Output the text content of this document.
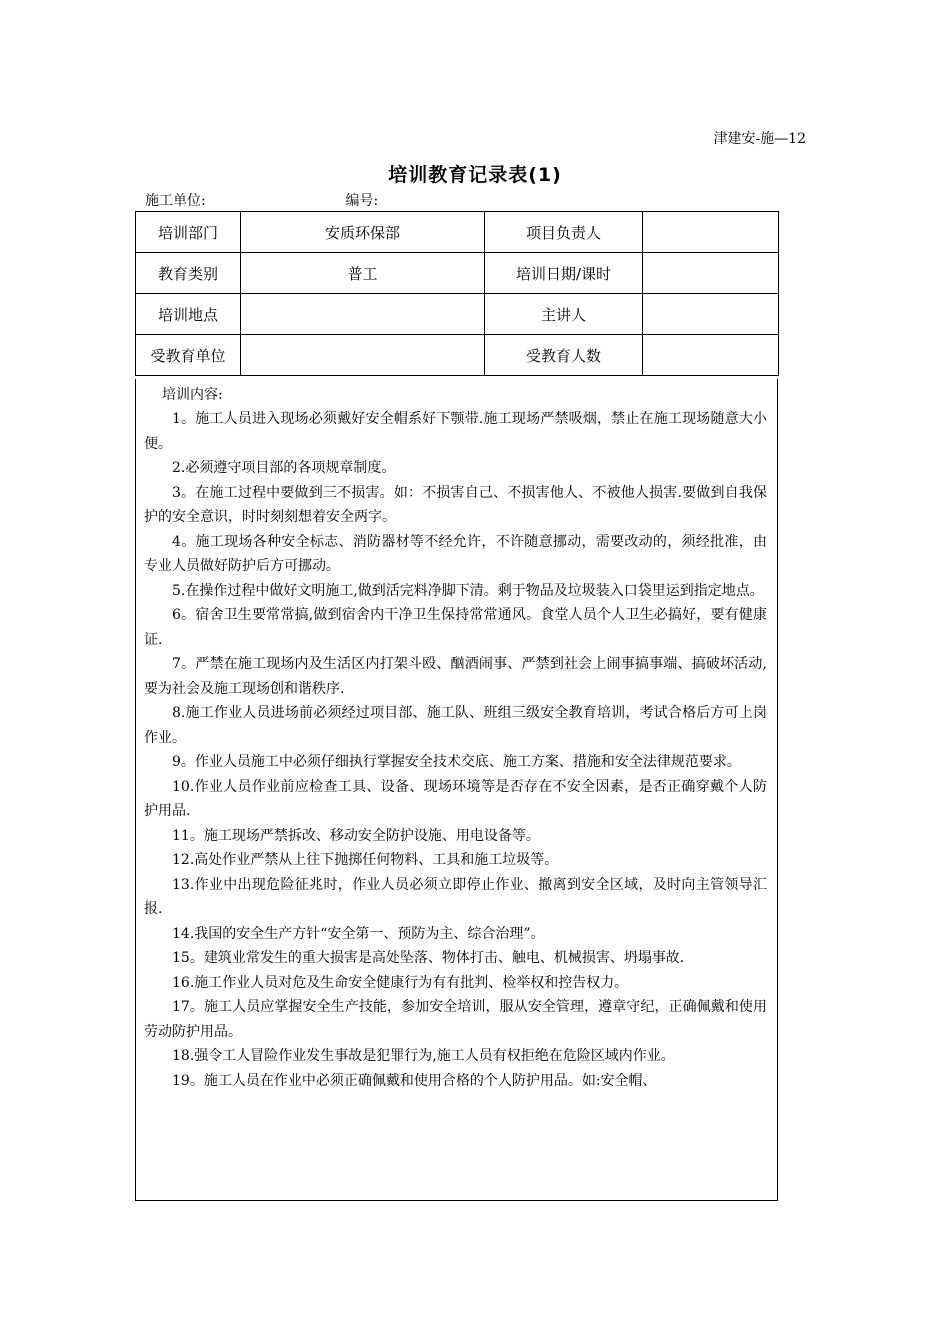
津建安-施—12
培训教育记录表(1)
施工单位:	编号:
培训部门	安质环保部	项目负责人	
教育类别	普工	培训日期/课时	
培训地点		主讲人	
受教育单位		受教育人数	
培训内容:

1。施工人员进入现场必须戴好安全帽系好下颚带.施工现场严禁吸烟，禁止在施工现场随意大小便。

2.必须遵守项目部的各项规章制度。

3。在施工过程中要做到三不损害。如：不损害自己、不损害他人、不被他人损害.要做到自我保护的安全意识，时时刻刻想着安全两字。

4。施工现场各种安全标志、消防器材等不经允许，不许随意挪动，需要改动的，须经批准，由专业人员做好防护后方可挪动。

5.在操作过程中做好文明施工,做到活完料净脚下清。剩于物品及垃圾装入口袋里运到指定地点。

6。宿舍卫生要常常搞,做到宿舍内干净卫生保持常常通风。食堂人员个人卫生必搞好，要有健康证.

7。严禁在施工现场内及生活区内打架斗殴、酗酒闹事、严禁到社会上闹事搞事端、搞破坏活动,要为社会及施工现场创和谐秩序.

8.施工作业人员进场前必须经过项目部、施工队、班组三级安全教育培训，考试合格后方可上岗作业。

9。作业人员施工中必须仔细执行掌握安全技术交底、施工方案、措施和安全法律规范要求。

10.作业人员作业前应检查工具、设备、现场环境等是否存在不安全因素，是否正确穿戴个人防护用品.

11。施工现场严禁拆改、移动安全防护设施、用电设备等。

12.高处作业严禁从上往下抛掷任何物料、工具和施工垃圾等。

13.作业中出现危险征兆时，作业人员必须立即停止作业、撤离到安全区域，及时向主管领导汇报.

14.我国的安全生产方针“安全第一、预防为主、综合治理”。

15。建筑业常发生的重大损害是高处坠落、物体打击、触电、机械损害、坍塌事故.

16.施工作业人员对危及生命安全健康行为有有批判、检举权和控告权力。

17。施工人员应掌握安全生产技能，参加安全培训，服从安全管理，遵章守纪，正确佩戴和使用劳动防护用品。

18.强令工人冒险作业发生事故是犯罪行为,施工人员有权拒绝在危险区域内作业。

19。施工人员在作业中必须正确佩戴和使用合格的个人防护用品。如:安全帽、
